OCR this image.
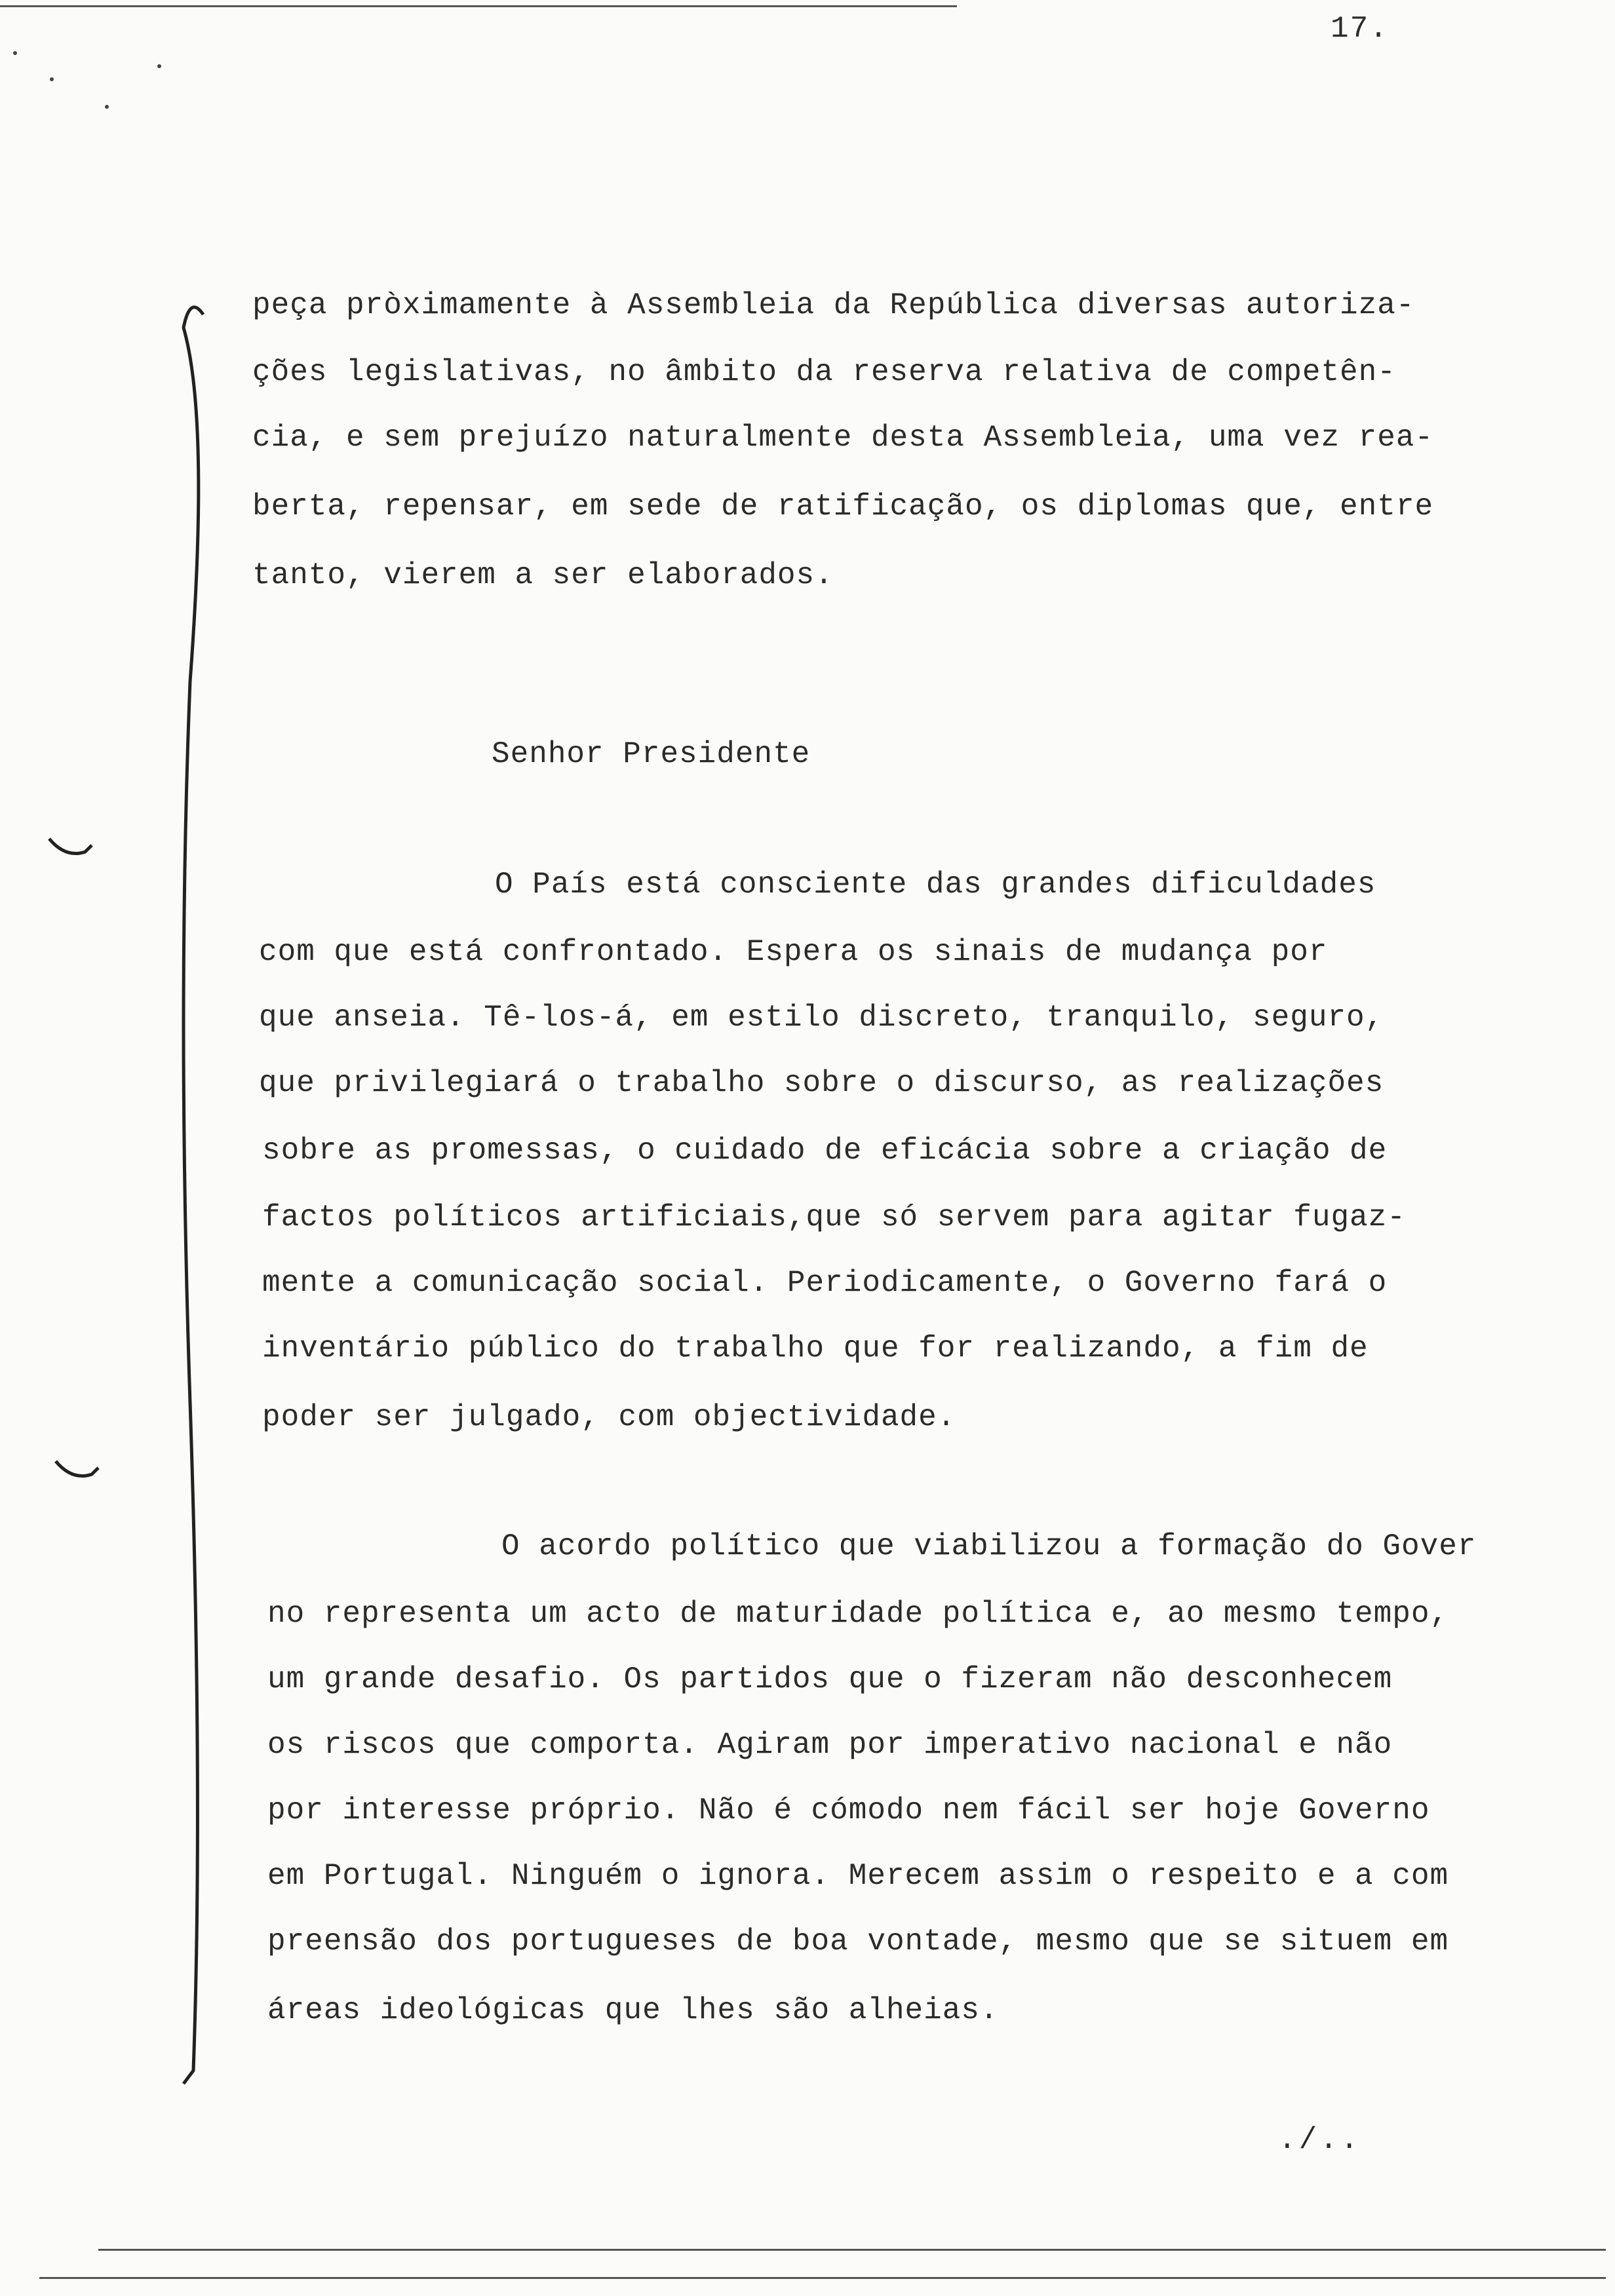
17.
peça pròximamente à Assembleia da República diversas autoriza-
ções legislativas, no âmbito da reserva relativa de competên-
cia, e sem prejuízo naturalmente desta Assembleia, uma vez rea-
berta, repensar, em sede de ratificação, os diplomas que, entre
tanto, vierem a ser elaborados.
Senhor Presidente
O País está consciente das grandes dificuldades
com que está confrontado. Espera os sinais de mudança por
que anseia. Tê-los-á, em estilo discreto, tranquilo, seguro,
que privilegiará o trabalho sobre o discurso, as realizações
sobre as promessas, o cuidado de eficácia sobre a criação de
factos políticos artificiais,que só servem para agitar fugaz-
mente a comunicação social. Periodicamente, o Governo fará o
inventário público do trabalho que for realizando, a fim de
poder ser julgado, com objectividade.
O acordo político que viabilizou a formação do Gover
no representa um acto de maturidade política e, ao mesmo tempo,
um grande desafio. Os partidos que o fizeram não desconhecem
os riscos que comporta. Agiram por imperativo nacional e não
por interesse próprio. Não é cómodo nem fácil ser hoje Governo
em Portugal. Ninguém o ignora. Merecem assim o respeito e a com
preensão dos portugueses de boa vontade, mesmo que se situem em
áreas ideológicas que lhes são alheias.
./..
